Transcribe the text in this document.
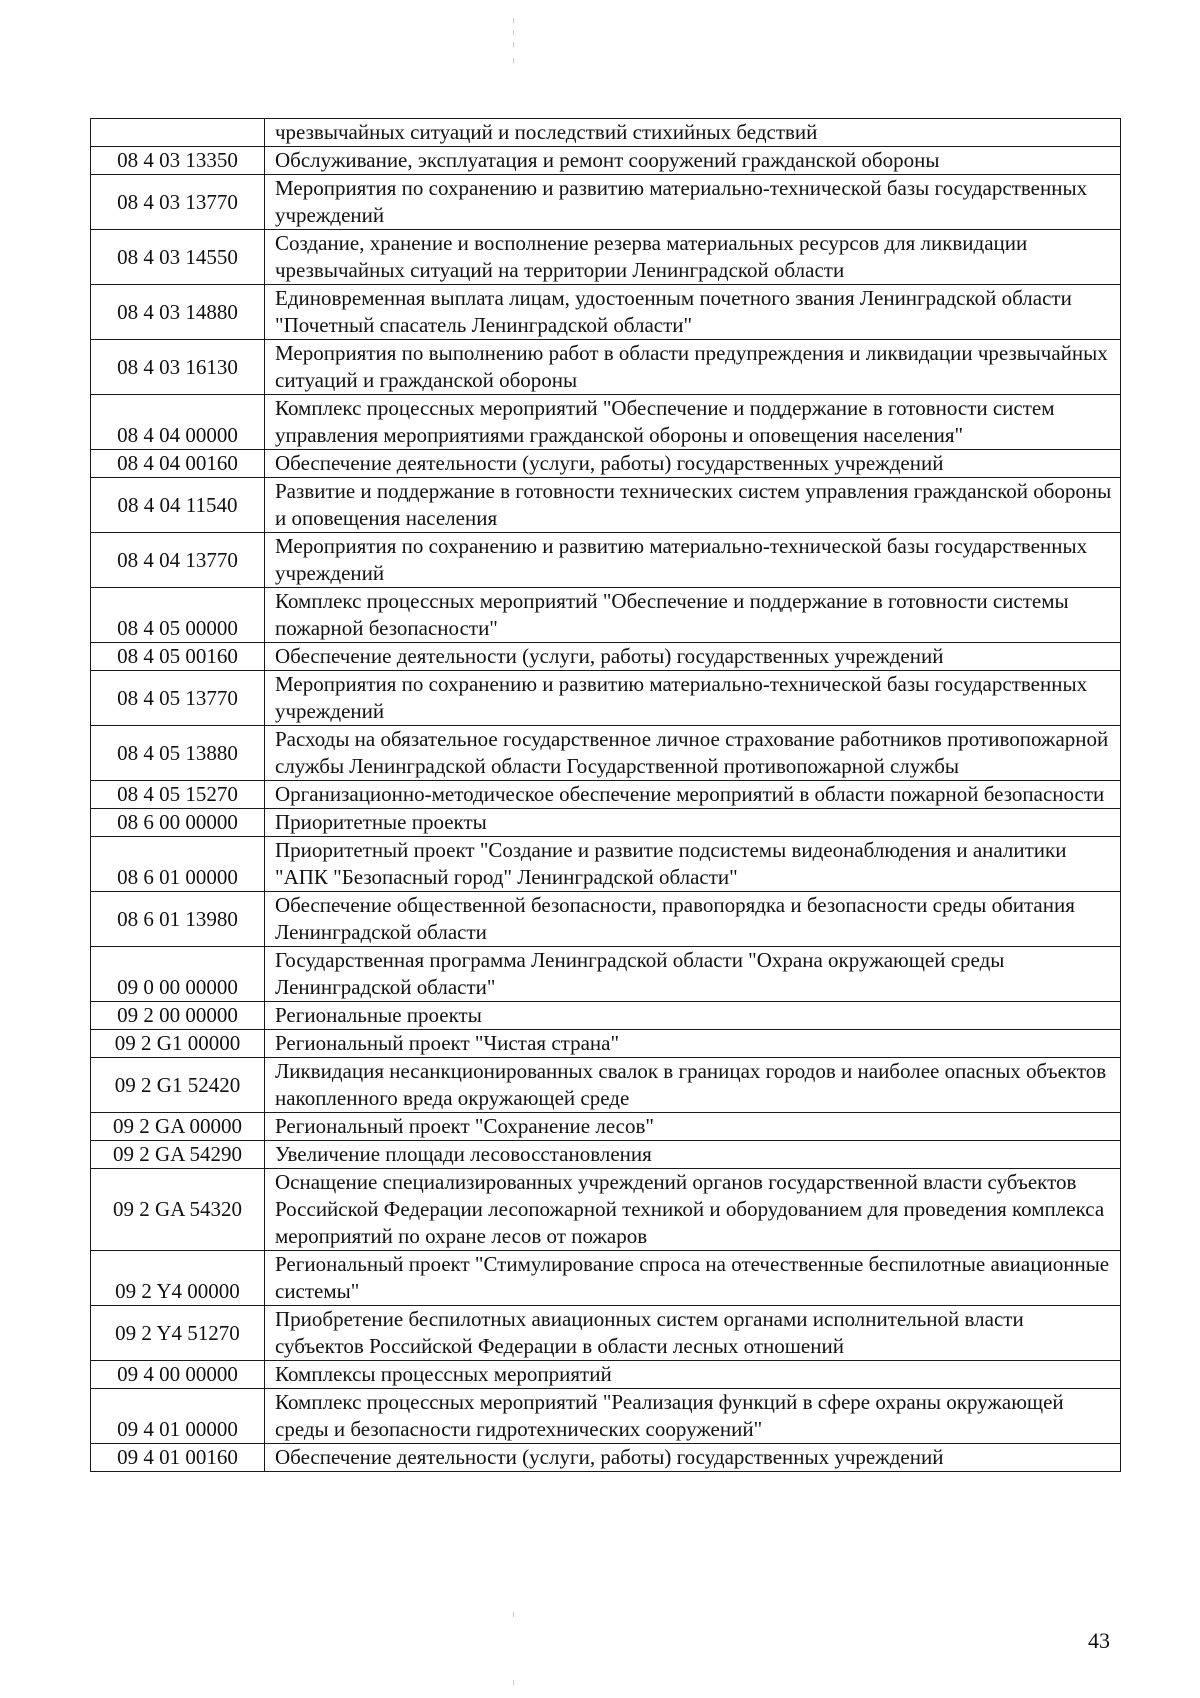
	чрезвычайных ситуаций и последствий стихийных бедствий
08 4 03 13350	Обслуживание, эксплуатация и ремонт сооружений гражданской обороны
08 4 03 13770	Мероприятия по сохранению и развитию материально-технической базы государственных учреждений
08 4 03 14550	Создание, хранение и восполнение резерва материальных ресурсов для ликвидации чрезвычайных ситуаций на территории Ленинградской области
08 4 03 14880	Единовременная выплата лицам, удостоенным почетного звания Ленинградской области "Почетный спасатель Ленинградской области"
08 4 03 16130	Мероприятия по выполнению работ в области предупреждения и ликвидации чрезвычайных ситуаций и гражданской обороны
08 4 04 00000	Комплекс процессных мероприятий "Обеспечение и поддержание в готовности систем управления мероприятиями гражданской обороны и оповещения населения"
08 4 04 00160	Обеспечение деятельности (услуги, работы) государственных учреждений
08 4 04 11540	Развитие и поддержание в готовности технических систем управления гражданской обороны и оповещения населения
08 4 04 13770	Мероприятия по сохранению и развитию материально-технической базы государственных учреждений
08 4 05 00000	Комплекс процессных мероприятий "Обеспечение и поддержание в готовности системы пожарной безопасности"
08 4 05 00160	Обеспечение деятельности (услуги, работы) государственных учреждений
08 4 05 13770	Мероприятия по сохранению и развитию материально-технической базы государственных учреждений
08 4 05 13880	Расходы на обязательное государственное личное страхование работников противопожарной службы Ленинградской области Государственной противопожарной службы
08 4 05 15270	Организационно-методическое обеспечение мероприятий в области пожарной безопасности
08 6 00 00000	Приоритетные проекты
08 6 01 00000	Приоритетный проект "Создание и развитие подсистемы видеонаблюдения и аналитики "АПК "Безопасный город" Ленинградской области"
08 6 01 13980	Обеспечение общественной безопасности, правопорядка и безопасности среды обитания Ленинградской области
09 0 00 00000	Государственная программа Ленинградской области "Охрана окружающей среды Ленинградской области"
09 2 00 00000	Региональные проекты
09 2 G1 00000	Региональный проект "Чистая страна"
09 2 G1 52420	Ликвидация несанкционированных свалок в границах городов и наиболее опасных объектов накопленного вреда окружающей среде
09 2 GA 00000	Региональный проект "Сохранение лесов"
09 2 GA 54290	Увеличение площади лесовосстановления
09 2 GA 54320	Оснащение специализированных учреждений органов государственной власти субъектов Российской Федерации лесопожарной техникой и оборудованием для проведения комплекса мероприятий по охране лесов от пожаров
09 2 Y4 00000	Региональный проект "Стимулирование спроса на отечественные беспилотные авиационные системы"
09 2 Y4 51270	Приобретение беспилотных авиационных систем органами исполнительной власти субъектов Российской Федерации в области лесных отношений
09 4 00 00000	Комплексы процессных мероприятий
09 4 01 00000	Комплекс процессных мероприятий "Реализация функций в сфере охраны окружающей среды и безопасности гидротехнических сооружений"
09 4 01 00160	Обеспечение деятельности (услуги, работы) государственных учреждений
43
